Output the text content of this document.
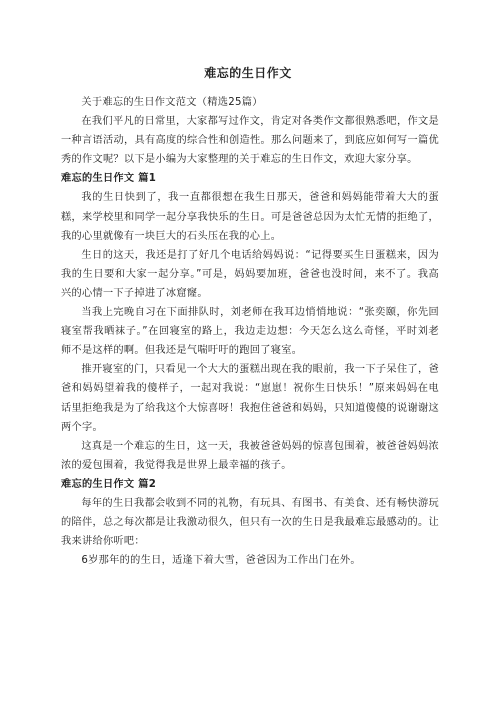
难忘的生日作文

关于难忘的生日作文范文（精选25篇）

在我们平凡的日常里，大家都写过作文，肯定对各类作文都很熟悉吧，作文是一种言语活动，具有高度的综合性和创造性。那么问题来了，到底应如何写一篇优秀的作文呢？以下是小编为大家整理的关于难忘的生日作文，欢迎大家分享。

难忘的生日作文 篇1

我的生日快到了，我一直都很想在我生日那天，爸爸和妈妈能带着大大的蛋糕，来学校里和同学一起分享我快乐的生日。可是爸爸总因为太忙无情的拒绝了，我的心里就像有一块巨大的石头压在我的心上。

生日的这天，我还是打了好几个电话给妈妈说：“记得要买生日蛋糕来，因为我的生日要和大家一起分享。”可是，妈妈要加班，爸爸也没时间，来不了。我高兴的心情一下子掉进了冰窟窿。

当我上完晚自习在下面排队时，刘老师在我耳边悄悄地说：“张奕颐，你先回寝室帮我晒袜子。”在回寝室的路上，我边走边想：今天怎么这么奇怪，平时刘老师不是这样的啊。但我还是气喘吁吁的跑回了寝室。

推开寝室的门，只看见一个大大的蛋糕出现在我的眼前，我一下子呆住了，爸爸和妈妈望着我的傻样子，一起对我说：“崽崽！祝你生日快乐！”原来妈妈在电话里拒绝我是为了给我这个大惊喜呀！我抱住爸爸和妈妈，只知道傻傻的说谢谢这两个字。

这真是一个难忘的生日，这一天，我被爸爸妈妈的惊喜包围着，被爸爸妈妈浓浓的爱包围着，我觉得我是世界上最幸福的孩子。

难忘的生日作文 篇2

每年的生日我都会收到不同的礼物，有玩具、有图书、有美食、还有畅快游玩的陪伴，总之每次都是让我激动很久，但只有一次的生日是我最难忘最感动的。让我来讲给你听吧：

6岁那年的的生日，适逢下着大雪，爸爸因为工作出门在外。
